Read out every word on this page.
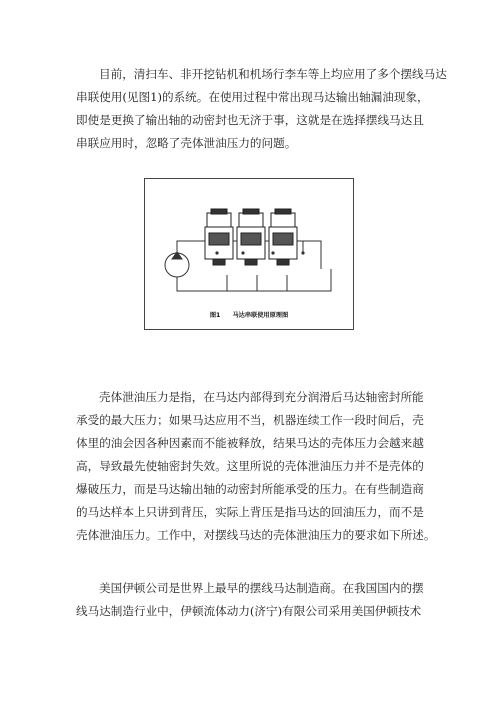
目前，清扫车、非开挖钻机和机场行李车等上均应用了多个摆线马达
串联使用(见图1)的系统。在使用过程中常出现马达输出轴漏油现象，
即使是更换了输出轴的动密封也无济于事，这就是在选择摆线马达且
串联应用时，忽略了壳体泄油压力的问题。
图1 马达串联使用原理图
壳体泄油压力是指，在马达内部得到充分润滑后马达轴密封所能
承受的最大压力；如果马达应用不当，机器连续工作一段时间后，壳
体里的油会因各种因素而不能被释放，结果马达的壳体压力会越来越
高，导致最先使轴密封失效。这里所说的壳体泄油压力并不是壳体的
爆破压力，而是马达输出轴的动密封所能承受的压力。在有些制造商
的马达样本上只讲到背压，实际上背压是指马达的回油压力，而不是
壳体泄油压力。工作中，对摆线马达的壳体泄油压力的要求如下所述。
美国伊顿公司是世界上最早的摆线马达制造商。在我国国内的摆
线马达制造行业中，伊顿流体动力(济宁)有限公司采用美国伊顿技术
